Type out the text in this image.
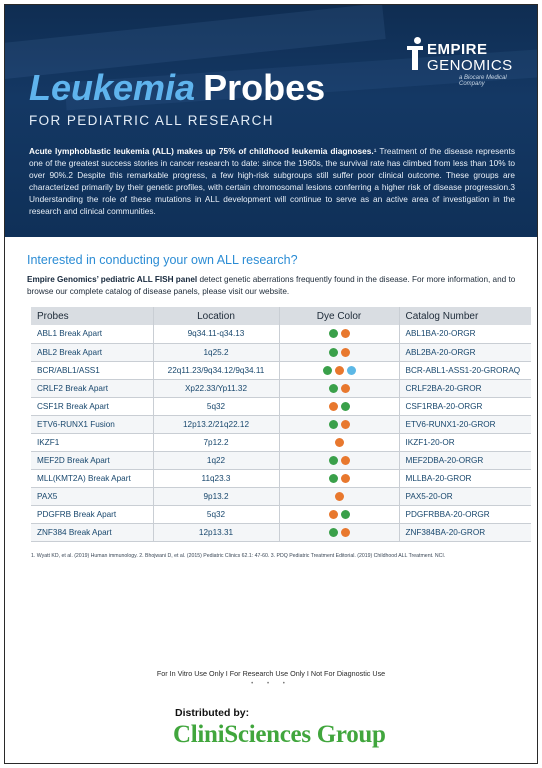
EMPIRE
GENOMICS
a Biocare Medical Company
Leukemia Probes
FOR PEDIATRIC ALL RESEARCH
Acute lymphoblastic leukemia (ALL) makes up 75% of childhood leukemia diagnoses.¹ Treatment of the disease represents one of the greatest success stories in cancer research to date: since the 1960s, the survival rate has climbed from less than 10% to over 90%.2 Despite this remarkable progress, a few high-risk subgroups still suffer poor clinical outcome. These groups are characterized primarily by their genetic profiles, with certain chromosomal lesions conferring a higher risk of disease progression.3 Understanding the role of these mutations in ALL development will continue to serve as an active area of investigation in the research and clinical communities.
Interested in conducting your own ALL research?

Empire Genomics’ pediatric ALL FISH panel detect genetic aberrations frequently found in the disease. For more information, and to browse our complete catalog of disease panels, please visit our website.

Probes	Location	Dye Color	Catalog Number
ABL1 Break Apart	9q34.11-q34.13		ABL1BA-20-ORGR
ABL2 Break Apart	1q25.2		ABL2BA-20-ORGR
BCR/ABL1/ASS1	22q11.23/9q34.12/9q34.11		BCR-ABL1-ASS1-20-GRORAQ
CRLF2 Break Apart	Xp22.33/Yp11.32		CRLF2BA-20-GROR
CSF1R Break Apart	5q32		CSF1RBA-20-ORGR
ETV6-RUNX1 Fusion	12p13.2/21q22.12		ETV6-RUNX1-20-GROR
IKZF1	7p12.2		IKZF1-20-OR
MEF2D Break Apart	1q22		MEF2DBA-20-ORGR
MLL(KMT2A) Break Apart	11q23.3		MLLBA-20-GROR
PAX5	9p13.2		PAX5-20-OR
PDGFRB Break Apart	5q32		PDGFRBBA-20-ORGR
ZNF384 Break Apart	12p13.31		ZNF384BA-20-GROR
1. Wyatt KD, et al. (2019) Human immunology. 2. Bhojwani D, et al. (2015) Pediatric Clinics 62.1: 47-60. 3. PDQ Pediatric Treatment Editorial. (2019) Childhood ALL Treatment. NCI.
For In Vitro Use Only I For Research Use Only I Not For Diagnostic Use
• • •
Distributed by:
CliniSciences Group
